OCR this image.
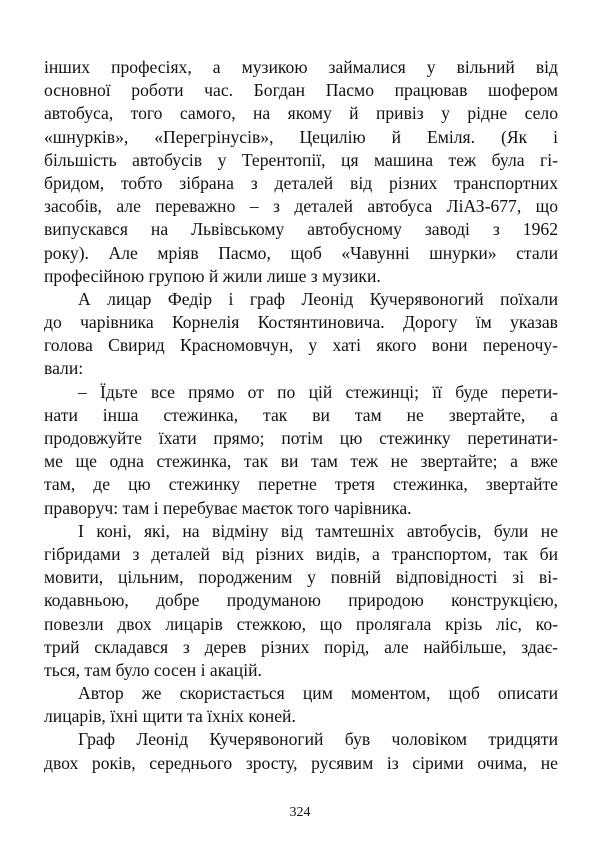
інших професіях, а музикою займалися у вільний від
основної роботи час. Богдан Пасмо працював шофером
автобуса, того самого, на якому й привіз у рідне село
«шнурків», «Перегрінусів», Цецилію й Еміля. (Як і
більшість автобусів у Терентопії, ця машина теж була гі-
бридом, тобто зібрана з деталей від різних транспортних
засобів, але переважно – з деталей автобуса ЛіАЗ-677, що
випускався на Львівському автобусному заводі з 1962
року). Але мріяв Пасмо, щоб «Чавунні шнурки» стали
професійною групою й жили лише з музики.
А лицар Федір і граф Леонід Кучерявоногий поїхали
до чарівника Корнелія Костянтиновича. Дорогу їм указав
голова Свирид Красномовчун, у хаті якого вони переночу-
вали:
– Їдьте все прямо от по цій стежинці; її буде перети-
нати інша стежинка, так ви там не звертайте, а
продовжуйте їхати прямо; потім цю стежинку перетинати-
ме ще одна стежинка, так ви там теж не звертайте; а вже
там, де цю стежинку перетне третя стежинка, звертайте
праворуч: там і перебуває маєток того чарівника.
І коні, які, на відміну від тамтешніх автобусів, були не
гібридами з деталей від різних видів, а транспортом, так би
мовити, цільним, породженим у повній відповідності зі ві-
кодавньою, добре продуманою природою конструкцією,
повезли двох лицарів стежкою, що пролягала крізь ліс, ко-
трий складався з дерев різних порід, але найбільше, здає-
ться, там було сосен і акацій.
Автор же скористається цим моментом, щоб описати
лицарів, їхні щити та їхніх коней.
Граф Леонід Кучерявоногий був чоловіком тридцяти
двох років, середнього зросту, русявим із сірими очима, не
324
